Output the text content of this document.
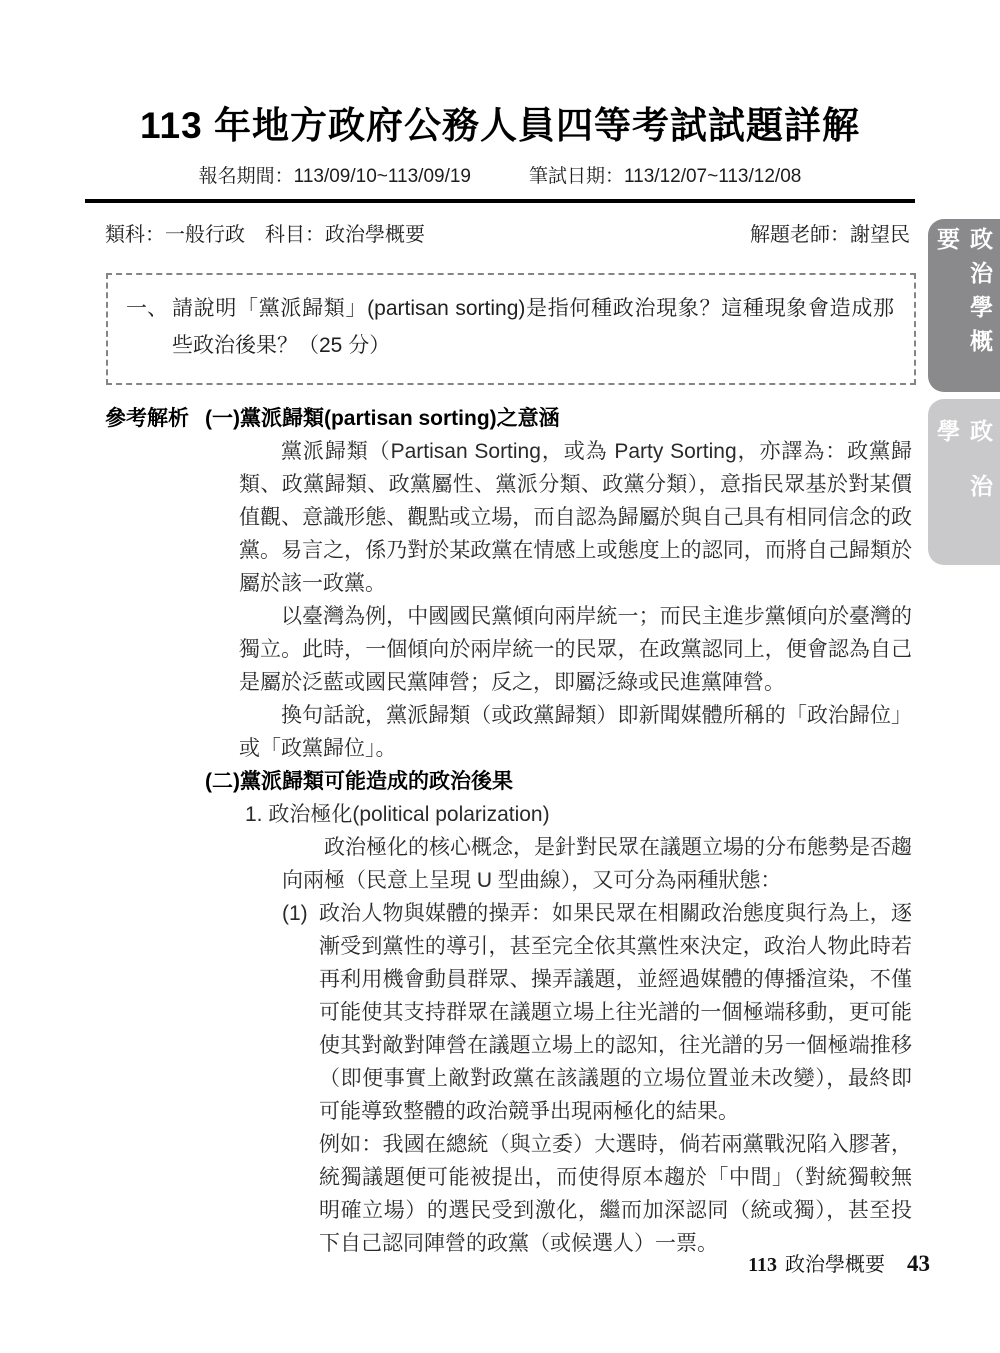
113 年地方政府公務人員四等考試試題詳解
報名期間：113/09/10~113/09/19	筆試日期：113/12/07~113/12/08
類科：一般行政　科目：政治學概要	解題老師：謝望民
一、 請說明「黨派歸類」(partisan sorting)是指何種政治現象？這種現象會造成那些政治後果？（25 分）
參考解析 (一)黨派歸類(partisan sorting)之意涵
黨派歸類（Partisan Sorting，或為 Party Sorting，亦譯為：政黨歸類、政黨歸類、政黨屬性、黨派分類、政黨分類），意指民眾基於對某價值觀、意識形態、觀點或立場，而自認為歸屬於與自己具有相同信念的政黨。易言之，係乃對於某政黨在情感上或態度上的認同，而將自己歸類於屬於該一政黨。
以臺灣為例，中國國民黨傾向兩岸統一；而民主進步黨傾向於臺灣的獨立。此時，一個傾向於兩岸統一的民眾，在政黨認同上，便會認為自己是屬於泛藍或國民黨陣營；反之，即屬泛綠或民進黨陣營。
換句話說，黨派歸類（或政黨歸類）即新聞媒體所稱的「政治歸位」或「政黨歸位」。
(二)黨派歸類可能造成的政治後果
1. 政治極化(political polarization)
政治極化的核心概念，是針對民眾在議題立場的分布態勢是否趨向兩極（民意上呈現 U 型曲線），又可分為兩種狀態：
(1) 政治人物與媒體的操弄：如果民眾在相關政治態度與行為上，逐漸受到黨性的導引，甚至完全依其黨性來決定，政治人物此時若再利用機會動員群眾、操弄議題，並經過媒體的傳播渲染，不僅可能使其支持群眾在議題立場上往光譜的一個極端移動，更可能使其對敵對陣營在議題立場上的認知，往光譜的另一個極端推移（即便事實上敵對政黨在該議題的立場位置並未改變），最終即可能導致整體的政治競爭出現兩極化的結果。
例如：我國在總統（與立委）大選時，倘若兩黨戰況陷入膠著，統獨議題便可能被提出，而使得原本趨於「中間」（對統獨較無明確立場）的選民受到激化，繼而加深認同（統或獨），甚至投下自己認同陣營的政黨（或候選人）一票。
政治學概要
政治學
113 政治學概要 43
